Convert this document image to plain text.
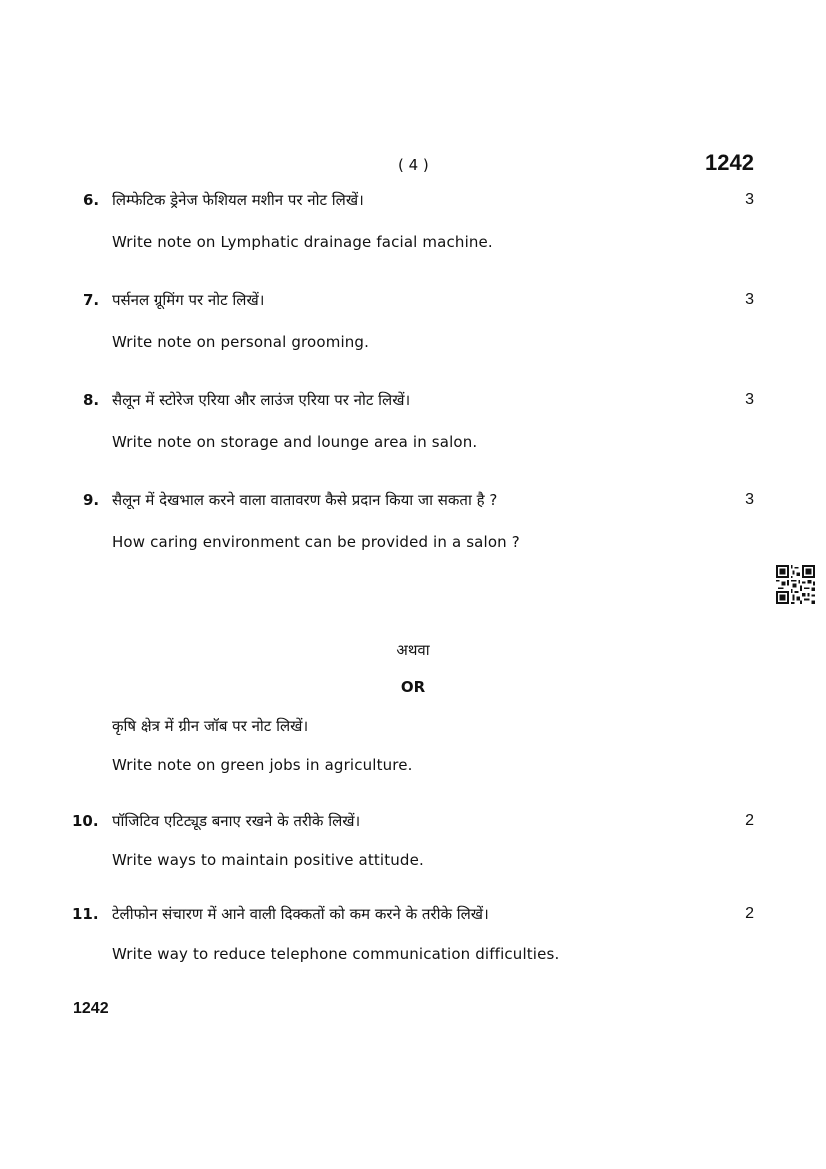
( 4 )	1242
6. लिम्फेटिक ड्रेनेज फेशियल मशीन पर नोट लिखें।	3
Write note on Lymphatic drainage facial machine.
7. पर्सनल ग्रूमिंग पर नोट लिखें।	3
Write note on personal grooming.
8. सैलून में स्टोरेज एरिया और लाउंज एरिया पर नोट लिखें।	3
Write note on storage and lounge area in salon.
9. सैलून में देखभाल करने वाला वातावरण कैसे प्रदान किया जा सकता है ?	3
How caring environment can be provided in a salon ?
अथवा
OR
कृषि क्षेत्र में ग्रीन जॉब पर नोट लिखें।
Write note on green jobs in agriculture.
10. पॉजिटिव एटिट्यूड बनाए रखने के तरीके लिखें।	2
Write ways to maintain positive attitude.
11. टेलीफोन संचारण में आने वाली दिक्कतों को कम करने के तरीके लिखें।	2
Write way to reduce telephone communication difficulties.
1242
